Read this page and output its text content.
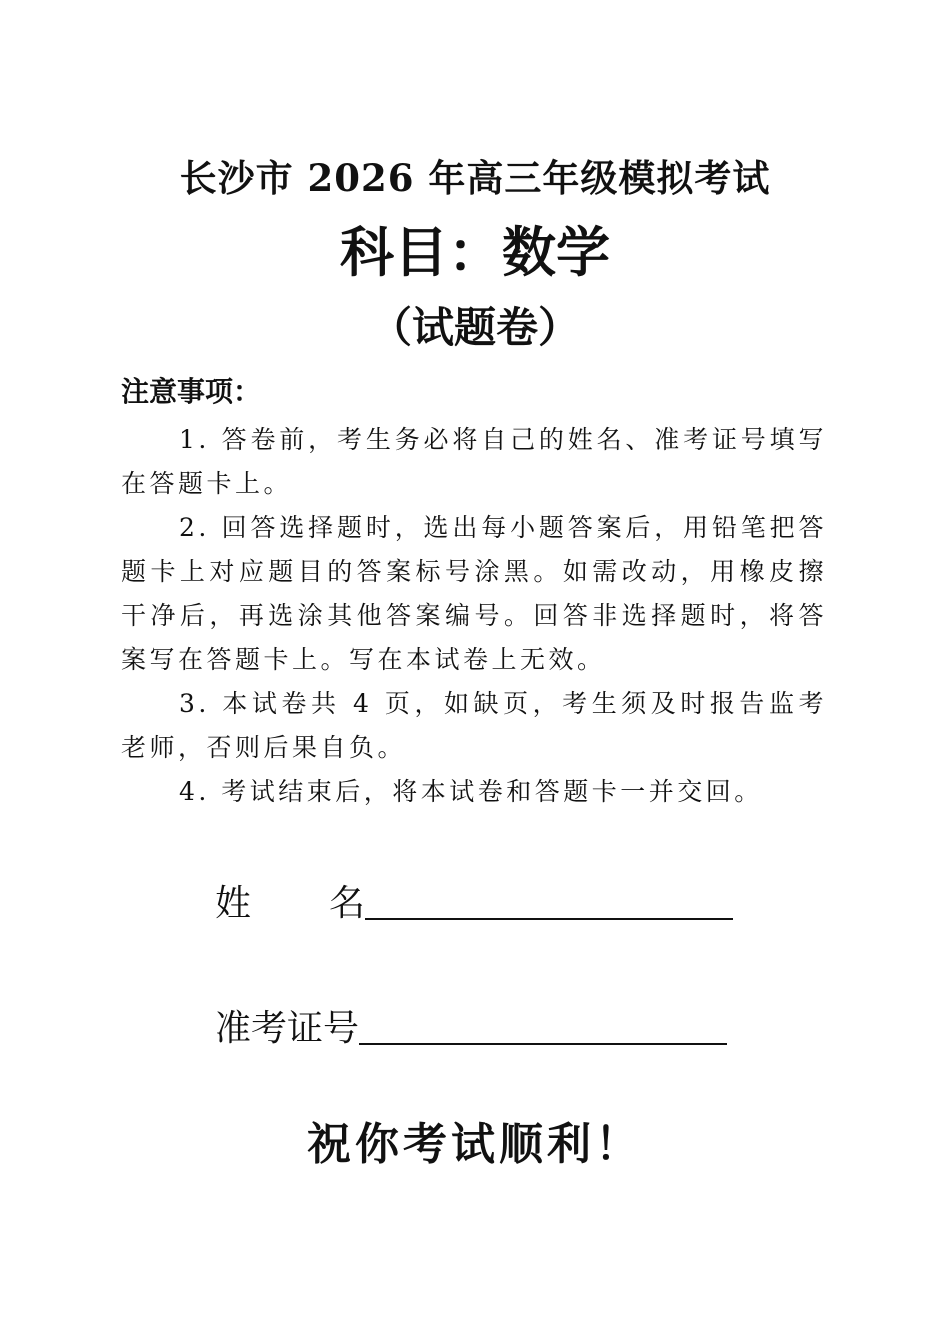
长沙市 2026 年高三年级模拟考试
科目：数学
（试题卷）
注意事项：

1. 答卷前，考生务必将自己的姓名、准考证号填写在答题卡上。

2. 回答选择题时，选出每小题答案后，用铅笔把答题卡上对应题目的答案标号涂黑。如需改动，用橡皮擦干净后，再选涂其他答案编号。回答非选择题时，将答案写在答题卡上。写在本试卷上无效。

3. 本试卷共 4 页，如缺页，考生须及时报告监考老师，否则后果自负。

4. 考试结束后，将本试卷和答题卡一并交回。

姓名
准考证号
祝你考试顺利！
